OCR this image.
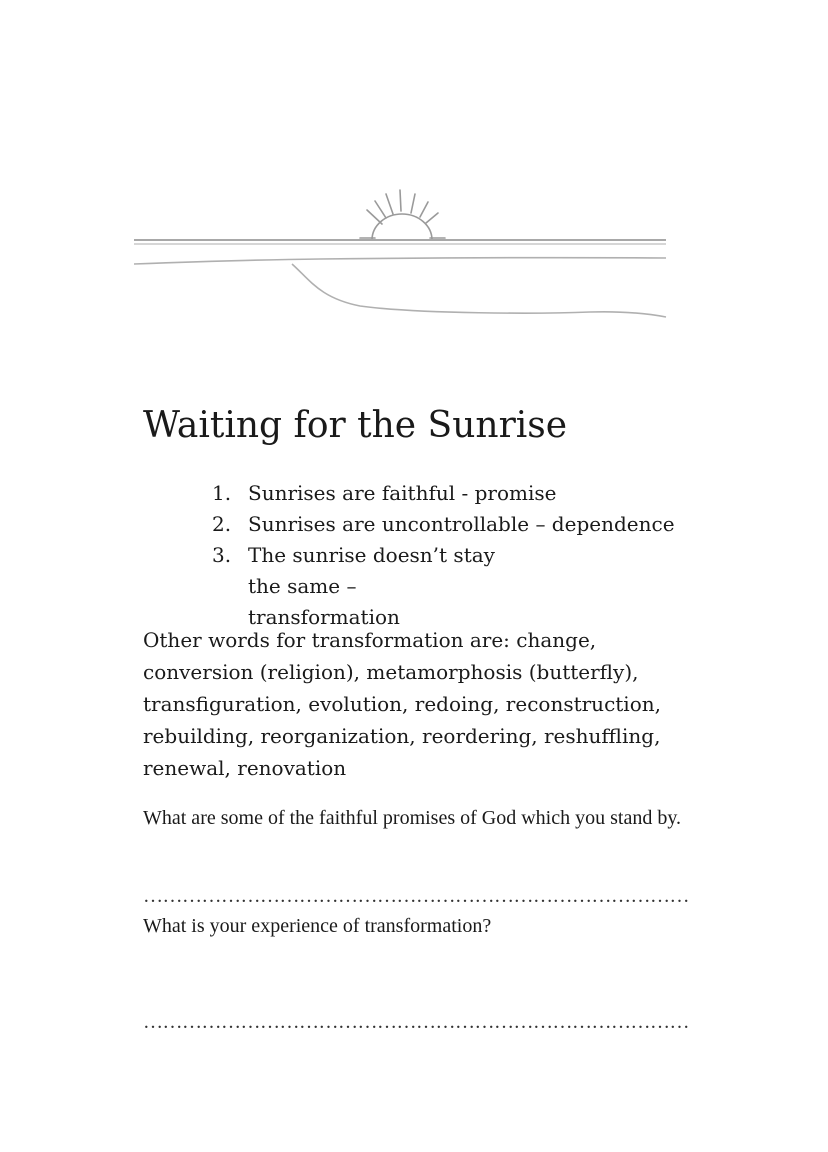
Waiting for the Sunrise
1. Sunrises are faithful - promise
2. Sunrises are uncontrollable – dependence
3. The sunrise doesn’t stay the same – transformation

Other words for transformation are: change, conversion (religion), metamorphosis (butterfly), transfiguration, evolution, redoing, reconstruction, rebuilding, reorganization, reordering, reshuffling, renewal, renovation

What are some of the faithful promises of God which you stand by.

…………………………………………………………………………What is your experience of transformation?

…………………………………………………………………………
